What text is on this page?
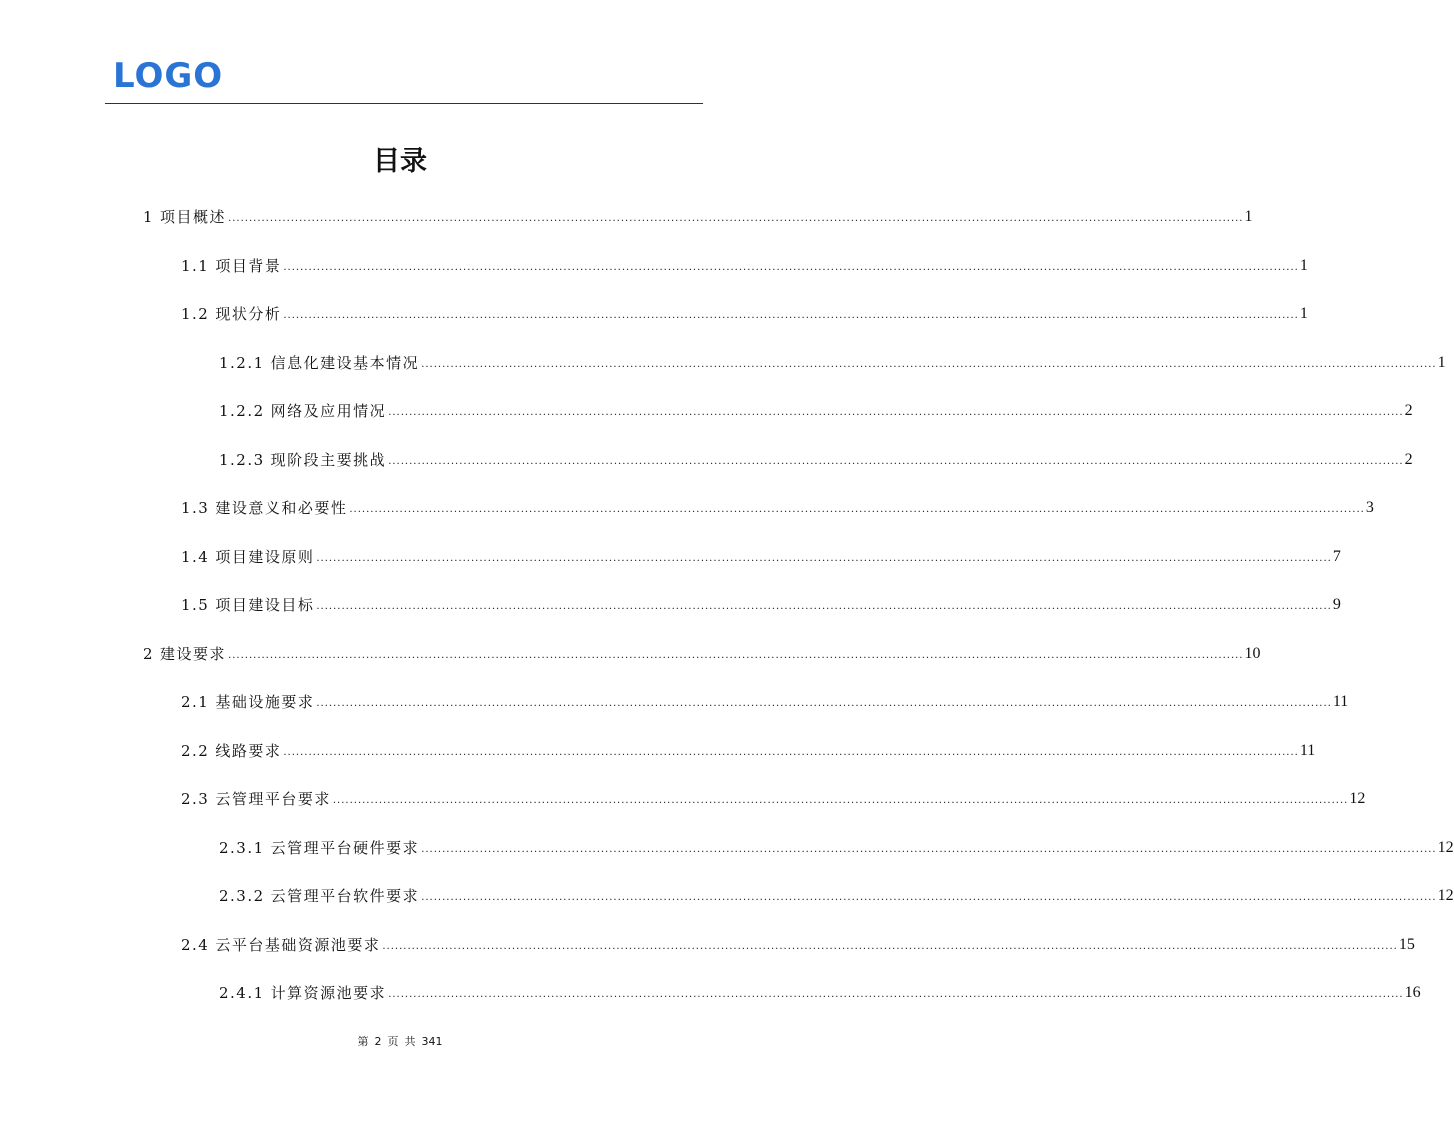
LOGO
目录
1 项目概述 ................................................................................................................................................................................................................................................... 1
1.1 项目背景 ................................................................................................................................................................................................................................................... 1
1.2 现状分析 ................................................................................................................................................................................................................................................... 1
1.2.1 信息化建设基本情况 ................................................................................................................................................................................................................................................... 1
1.2.2 网络及应用情况 ................................................................................................................................................................................................................................................... 2
1.2.3 现阶段主要挑战 ................................................................................................................................................................................................................................................... 2
1.3 建设意义和必要性 ................................................................................................................................................................................................................................................... 3
1.4 项目建设原则 ................................................................................................................................................................................................................................................... 7
1.5 项目建设目标 ................................................................................................................................................................................................................................................... 9
2 建设要求 ................................................................................................................................................................................................................................................... 10
2.1 基础设施要求 ................................................................................................................................................................................................................................................... 11
2.2 线路要求 ................................................................................................................................................................................................................................................... 11
2.3 云管理平台要求 ................................................................................................................................................................................................................................................... 12
2.3.1 云管理平台硬件要求 ................................................................................................................................................................................................................................................... 12
2.3.2 云管理平台软件要求 ................................................................................................................................................................................................................................................... 12
2.4 云平台基础资源池要求 ................................................................................................................................................................................................................................................... 15
2.4.1 计算资源池要求 ................................................................................................................................................................................................................................................... 16
第 2 页 共 341
